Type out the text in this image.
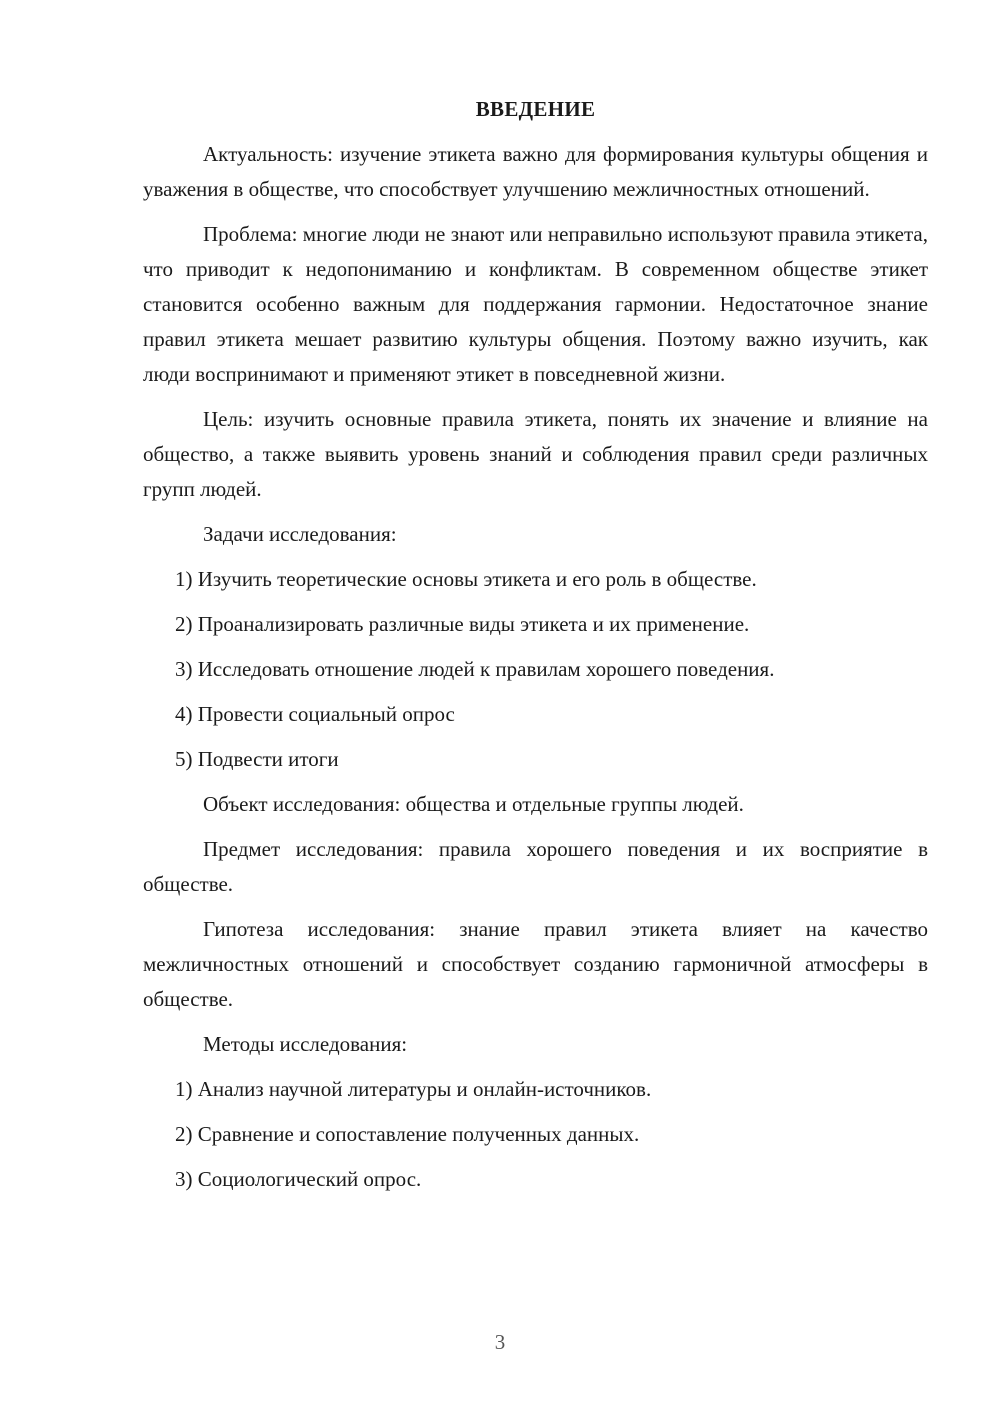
ВВЕДЕНИЕ

Актуальность: изучение этикета важно для формирования культуры общения и уважения в обществе, что способствует улучшению межличностных отношений.

Проблема: многие люди не знают или неправильно используют правила этикета, что приводит к недопониманию и конфликтам. В современном обществе этикет становится особенно важным для поддержания гармонии. Недостаточное знание правил этикета мешает развитию культуры общения. Поэтому важно изучить, как люди воспринимают и применяют этикет в повседневной жизни.

Цель: изучить основные правила этикета, понять их значение и влияние на общество, а также выявить уровень знаний и соблюдения правил среди различных групп людей.

Задачи исследования:

1) Изучить теоретические основы этикета и его роль в обществе.
2) Проанализировать различные виды этикета и их применение.
3) Исследовать отношение людей к правилам хорошего поведения.
4) Провести социальный опрос
5) Подвести итоги

Объект исследования: общества и отдельные группы людей.

Предмет исследования: правила хорошего поведения и их восприятие в обществе.

Гипотеза исследования: знание правил этикета влияет на качество межличностных отношений и способствует созданию гармоничной атмосферы в обществе.

Методы исследования:

1) Анализ научной литературы и онлайн-источников.
2) Сравнение и сопоставление полученных данных.
3) Социологический опрос.
3
